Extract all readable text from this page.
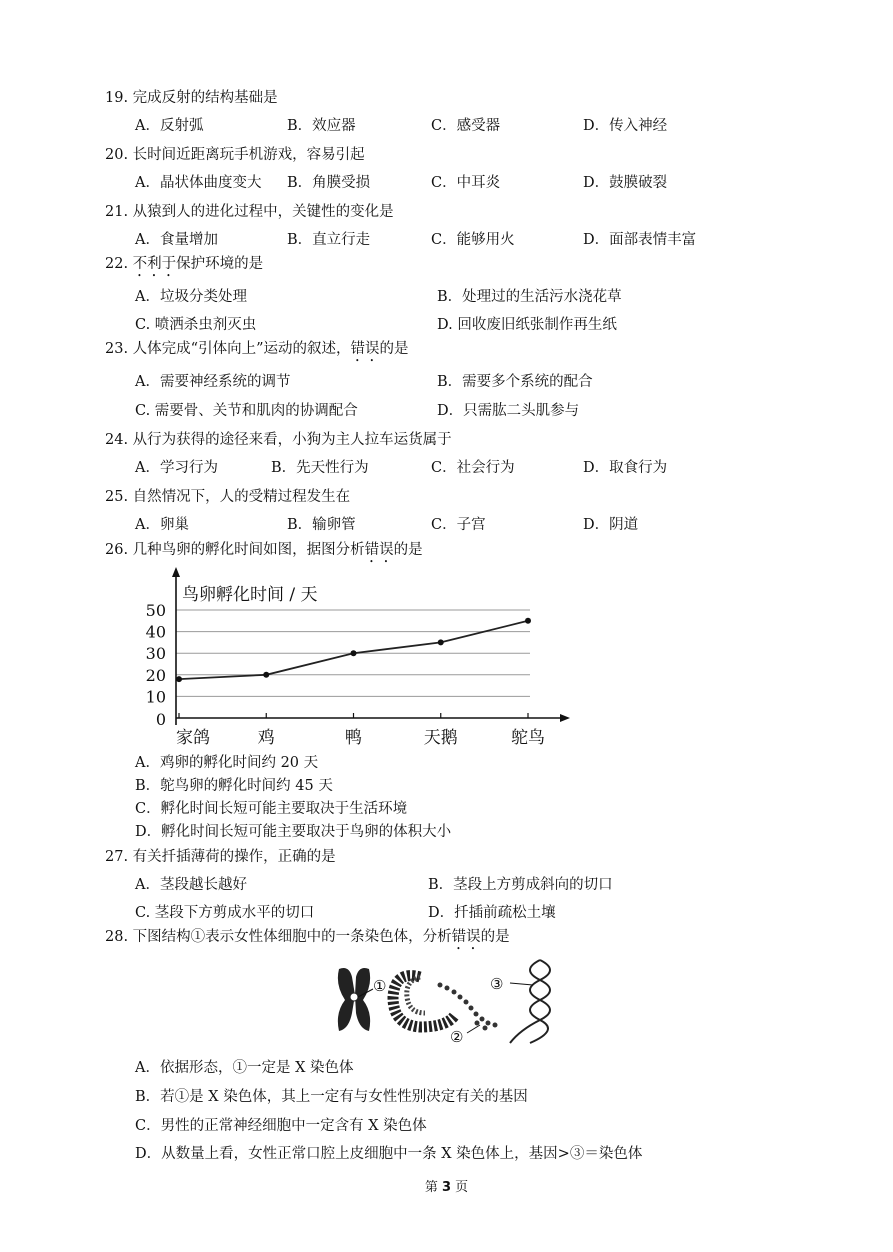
19. 完成反射的结构基础是
A．反射弧	B．效应器	C．感受器	D．传入神经
20. 长时间近距离玩手机游戏，容易引起
A．晶状体曲度变大 B．角膜受损	C．中耳炎	D．鼓膜破裂
21. 从猿到人的进化过程中，关键性的变化是
A．食量增加	B．直立行走	C．能够用火	D．面部表情丰富
22. 不利于保护环境的是
A．垃圾分类处理	B．处理过的生活污水浇花草
C. 喷洒杀虫剂灭虫	D. 回收废旧纸张制作再生纸
23. 人体完成“引体向上”运动的叙述，错误的是
A．需要神经系统的调节	B．需要多个系统的配合
C. 需要骨、关节和肌肉的协调配合	D．只需肱二头肌参与
24. 从行为获得的途径来看，小狗为主人拉车运货属于
A．学习行为	B．先天性行为	C．社会行为	D．取食行为
25. 自然情况下，人的受精过程发生在
A．卵巢	B．输卵管	C．子宫	D．阴道
26. 几种鸟卵的孵化时间如图，据图分析错误的是
鸟卵孵化时间 / 天
0
10
20
30
40
50
家鸽	鸡	鸭	天鹅	鸵鸟
A．鸡卵的孵化时间约 20 天
B．鸵鸟卵的孵化时间约 45 天
C．孵化时间长短可能主要取决于生活环境
D．孵化时间长短可能主要取决于鸟卵的体积大小
27. 有关扦插薄荷的操作，正确的是
A．茎段越长越好	B．茎段上方剪成斜向的切口
C. 茎段下方剪成水平的切口	D．扦插前疏松土壤
28. 下图结构①表示女性体细胞中的一条染色体，分析错误的是
①
②
③
A．依据形态，①一定是 X 染色体
B．若①是 X 染色体，其上一定有与女性性别决定有关的基因
C．男性的正常神经细胞中一定含有 X 染色体
D．从数量上看，女性正常口腔上皮细胞中一条 X 染色体上，基因>③＝染色体
第 3 页
